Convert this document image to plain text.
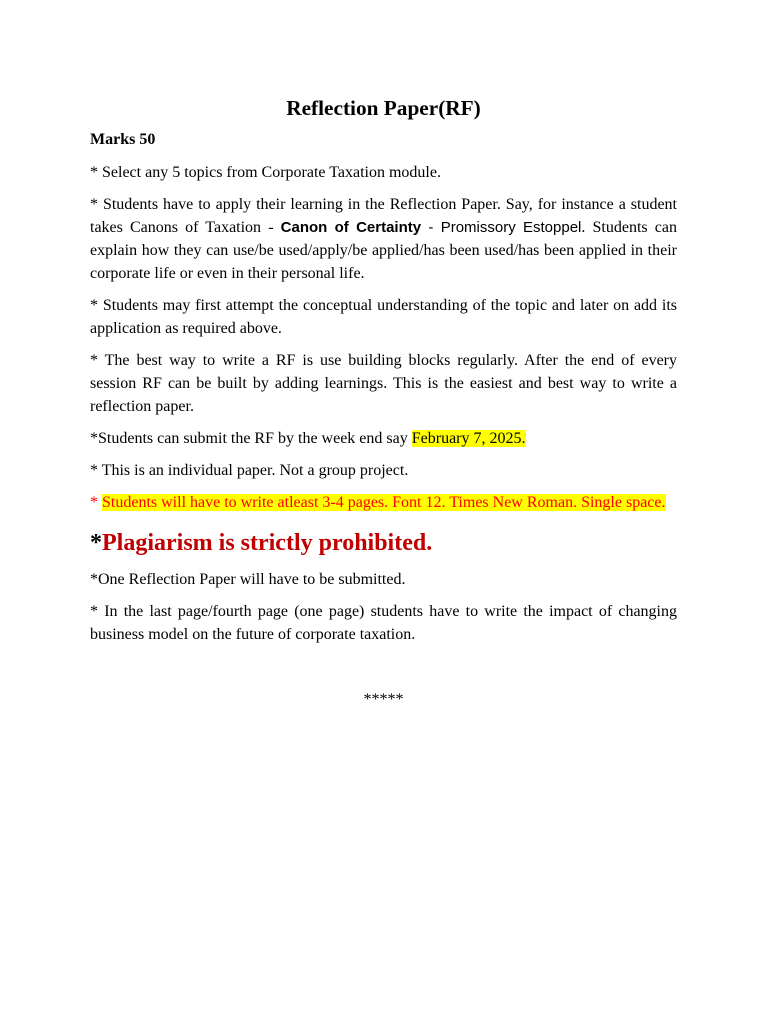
Reflection Paper(RF)
Marks 50

* Select any 5 topics from Corporate Taxation module.

* Students have to apply their learning in the Reflection Paper. Say, for instance a student takes Canons of Taxation - Canon of Certainty - Promissory Estoppel. Students can explain how they can use/be used/apply/be applied/has been used/has been applied in their corporate life or even in their personal life.

* Students may first attempt the conceptual understanding of the topic and later on add its application as required above.

* The best way to write a RF is use building blocks regularly. After the end of every session RF can be built by adding learnings. This is the easiest and best way to write a reflection paper.

*Students can submit the RF by the week end say February 7, 2025.

* This is an individual paper. Not a group project.

* Students will have to write atleast 3-4 pages. Font 12. Times New Roman. Single space.

*Plagiarism is strictly prohibited.

*One Reflection Paper will have to be submitted.

* In the last page/fourth page (one page) students have to write the impact of changing business model on the future of corporate taxation.

*****
